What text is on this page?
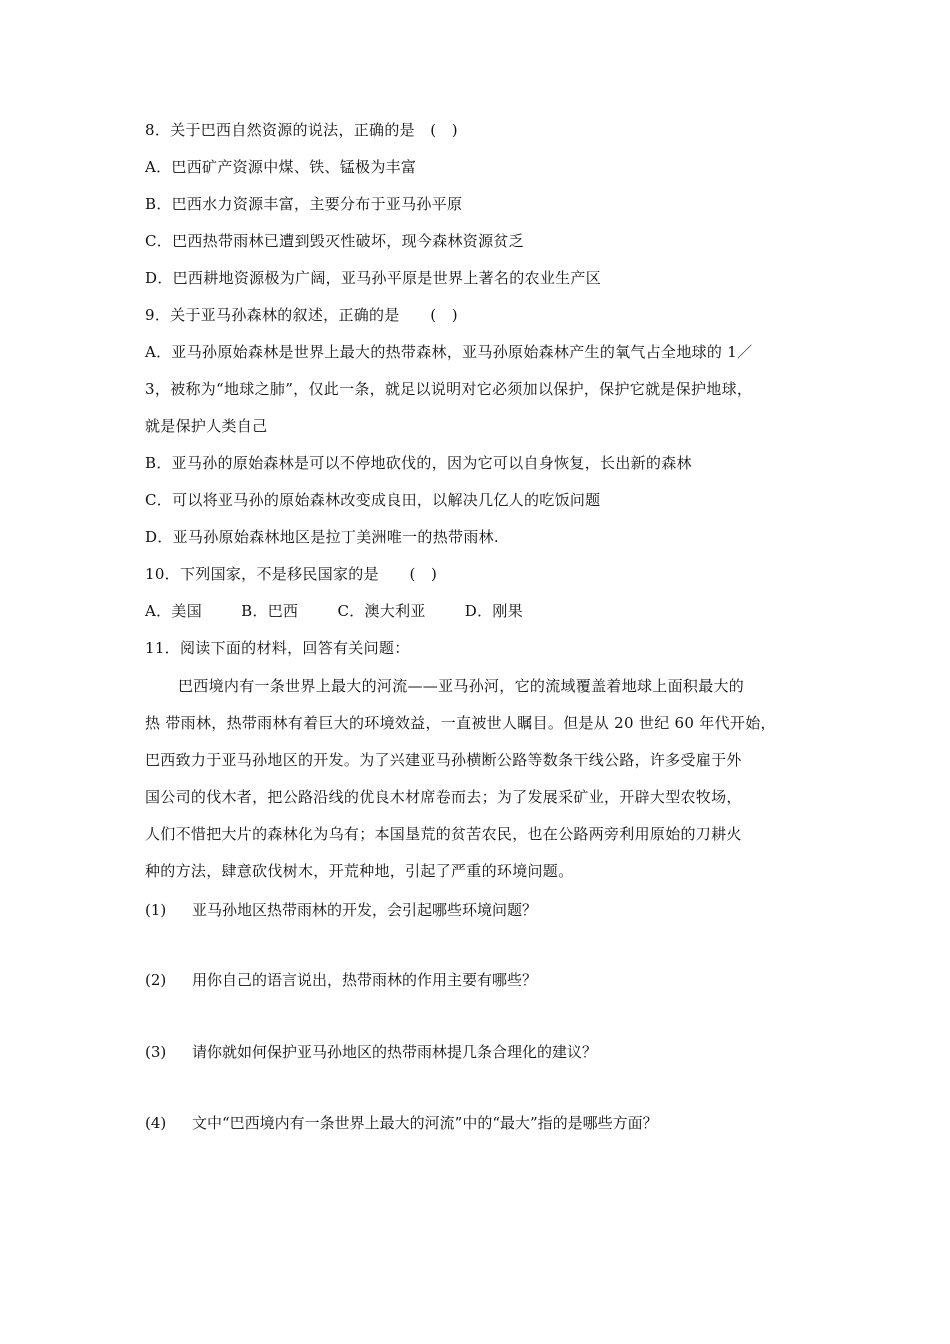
8．关于巴西自然资源的说法，正确的是　(　)
A．巴西矿产资源中煤、铁、锰极为丰富
B．巴西水力资源丰富，主要分布于亚马孙平原
C．巴西热带雨林已遭到毁灭性破坏，现今森林资源贫乏
D．巴西耕地资源极为广阔，亚马孙平原是世界上著名的农业生产区
9．关于亚马孙森林的叙述，正确的是　　(　)
A．亚马孙原始森林是世界上最大的热带森林，亚马孙原始森林产生的氧气占全地球的 1／
3，被称为“地球之肺”，仅此一条，就足以说明对它必须加以保护，保护它就是保护地球，
就是保护人类自己
B．亚马孙的原始森林是可以不停地砍伐的，因为它可以自身恢复，长出新的森林
C．可以将亚马孙的原始森林改变成良田，以解决几亿人的吃饭问题
D．亚马孙原始森林地区是拉丁美洲唯一的热带雨林.
10．下列国家，不是移民国家的是　　(　)
A．美国	B．巴西	C．澳大利亚	D．刚果
11．阅读下面的材料，回答有关问题：
巴西境内有一条世界上最大的河流——亚马孙河，它的流域覆盖着地球上面积最大的
热 带雨林，热带雨林有着巨大的环境效益，一直被世人瞩目。但是从 20 世纪 60 年代开始，
巴西致力于亚马孙地区的开发。为了兴建亚马孙横断公路等数条干线公路，许多受雇于外
国公司的伐木者，把公路沿线的优良木材席卷而去；为了发展采矿业，开辟大型农牧场，
人们不惜把大片的森林化为乌有；本国垦荒的贫苦农民，也在公路两旁利用原始的刀耕火
种的方法，肆意砍伐树木，开荒种地，引起了严重的环境问题。
(1) 亚马孙地区热带雨林的开发，会引起哪些环境问题？
(2) 用你自己的语言说出，热带雨林的作用主要有哪些？
(3) 请你就如何保护亚马孙地区的热带雨林提几条合理化的建议？
(4) 文中“巴西境内有一条世界上最大的河流”中的“最大”指的是哪些方面？
